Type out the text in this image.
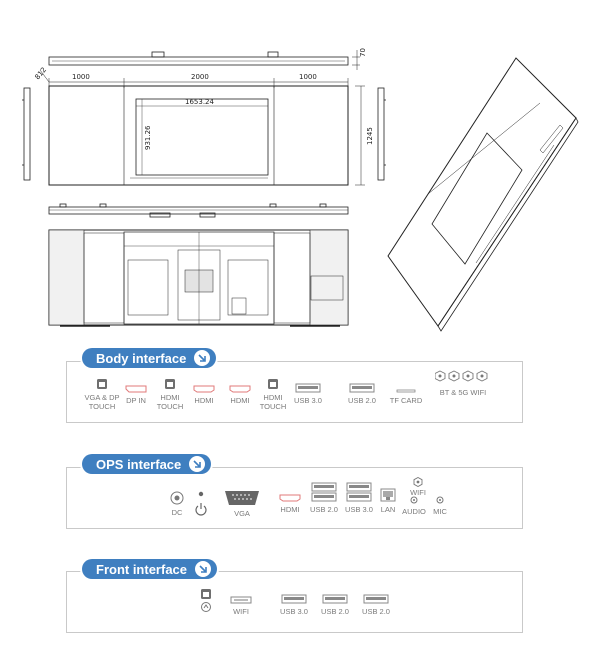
1000	2000	1000
70
812
1653.24
931.26	1245
Body interface
VGA & DP
TOUCH
DP IN	HDMI
TOUCH
HDMI HDMI	HDMI
TOUCH
USB 3.0	USB 2.0 TF CARD
BT & 5G WIFI
OPS interface
DC	VGA	HDMI USB 2.0 USB 3.0 LAN AUDIO MIC
WIFI
Front interface
WIFI	USB 3.0 USB 2.0 USB 2.0
